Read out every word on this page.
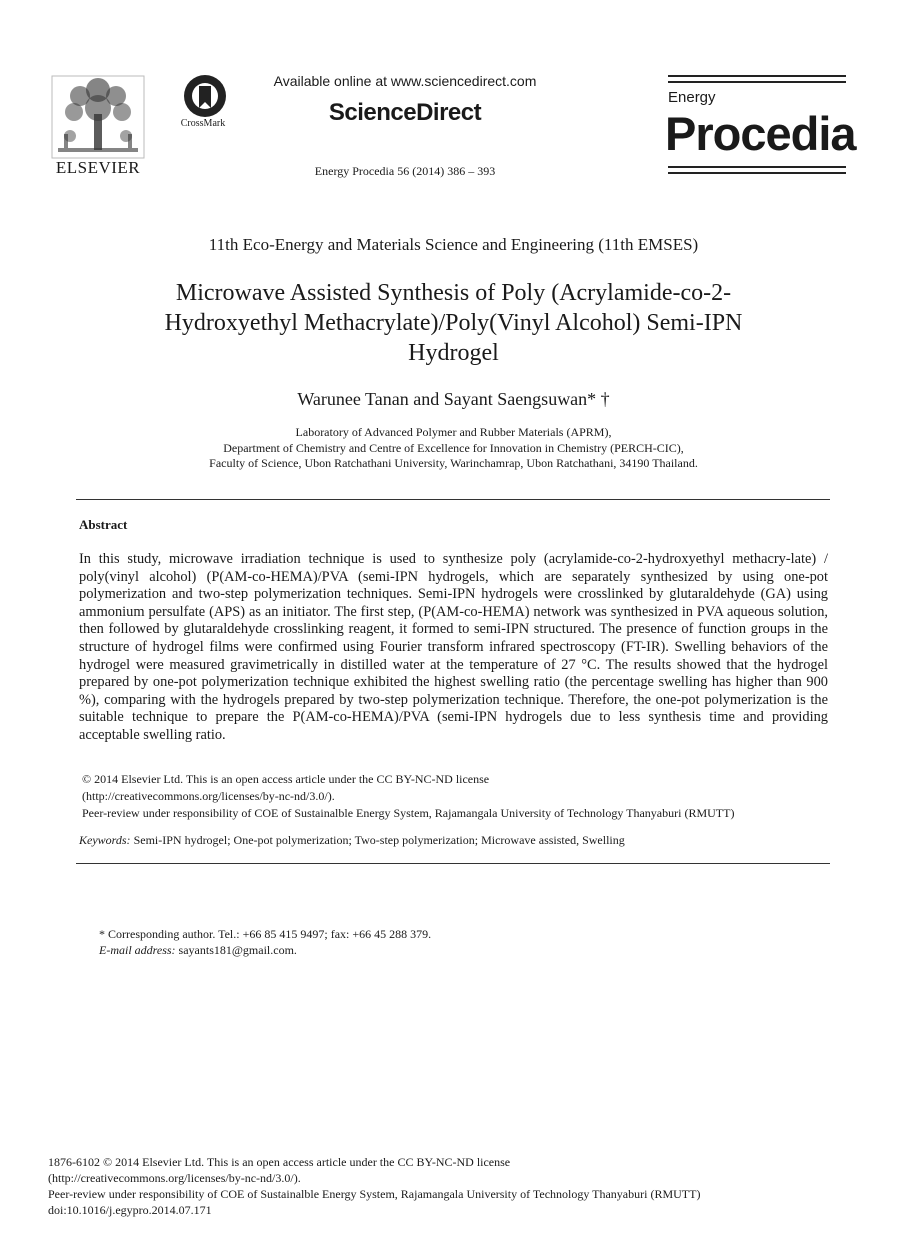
ELSEVIER
CrossMark
Available online at www.sciencedirect.com
ScienceDirect
Energy Procedia 56 (2014) 386 – 393
Energy
Procedia
11th Eco-Energy and Materials Science and Engineering (11th EMSES)
Microwave Assisted Synthesis of Poly (Acrylamide-co-2-
Hydroxyethyl Methacrylate)/Poly(Vinyl Alcohol) Semi-IPN
Hydrogel
Warunee Tanan and Sayant Saengsuwan* †
Laboratory of Advanced Polymer and Rubber Materials (APRM),
Department of Chemistry and Centre of Excellence for Innovation in Chemistry (PERCH-CIC),
Faculty of Science, Ubon Ratchathani University, Warinchamrap, Ubon Ratchathani, 34190 Thailand.
Abstract
In this study, microwave irradiation technique is used to synthesize poly (acrylamide-co-2-hydroxyethyl methacry-late) / poly(vinyl alcohol) (P(AM-co-HEMA)/PVA (semi-IPN hydrogels, which are separately synthesized by using one-pot polymerization and two-step polymerization techniques. Semi-IPN hydrogels were crosslinked by glutaraldehyde (GA) using ammonium persulfate (APS) as an initiator. The first step, (P(AM-co-HEMA) network was synthesized in PVA aqueous solution, then followed by glutaraldehyde crosslinking reagent, it formed to semi-IPN structured. The presence of function groups in the structure of hydrogel films were confirmed using Fourier transform infrared spectroscopy (FT-IR). Swelling behaviors of the hydrogel were measured gravimetrically in distilled water at the temperature of 27 °C. The results showed that the hydrogel prepared by one-pot polymerization technique exhibited the highest swelling ratio (the percentage swelling has higher than 900 %), comparing with the hydrogels prepared by two-step polymerization technique. Therefore, the one-pot polymerization is the suitable technique to prepare the P(AM-co-HEMA)/PVA (semi-IPN hydrogels due to less synthesis time and providing acceptable swelling ratio.
© 2014 Elsevier Ltd. This is an open access article under the CC BY-NC-ND license
(http://creativecommons.org/licenses/by-nc-nd/3.0/).
Peer-review under responsibility of COE of Sustainalble Energy System, Rajamangala University of Technology Thanyaburi (RMUTT)
Keywords: Semi-IPN hydrogel; One-pot polymerization; Two-step polymerization; Microwave assisted, Swelling
* Corresponding author. Tel.: +66 85 415 9497; fax: +66 45 288 379.
E-mail address: sayants181@gmail.com.
1876-6102 © 2014 Elsevier Ltd. This is an open access article under the CC BY-NC-ND license
(http://creativecommons.org/licenses/by-nc-nd/3.0/).
Peer-review under responsibility of COE of Sustainalble Energy System, Rajamangala University of Technology Thanyaburi (RMUTT)
doi:10.1016/j.egypro.2014.07.171
